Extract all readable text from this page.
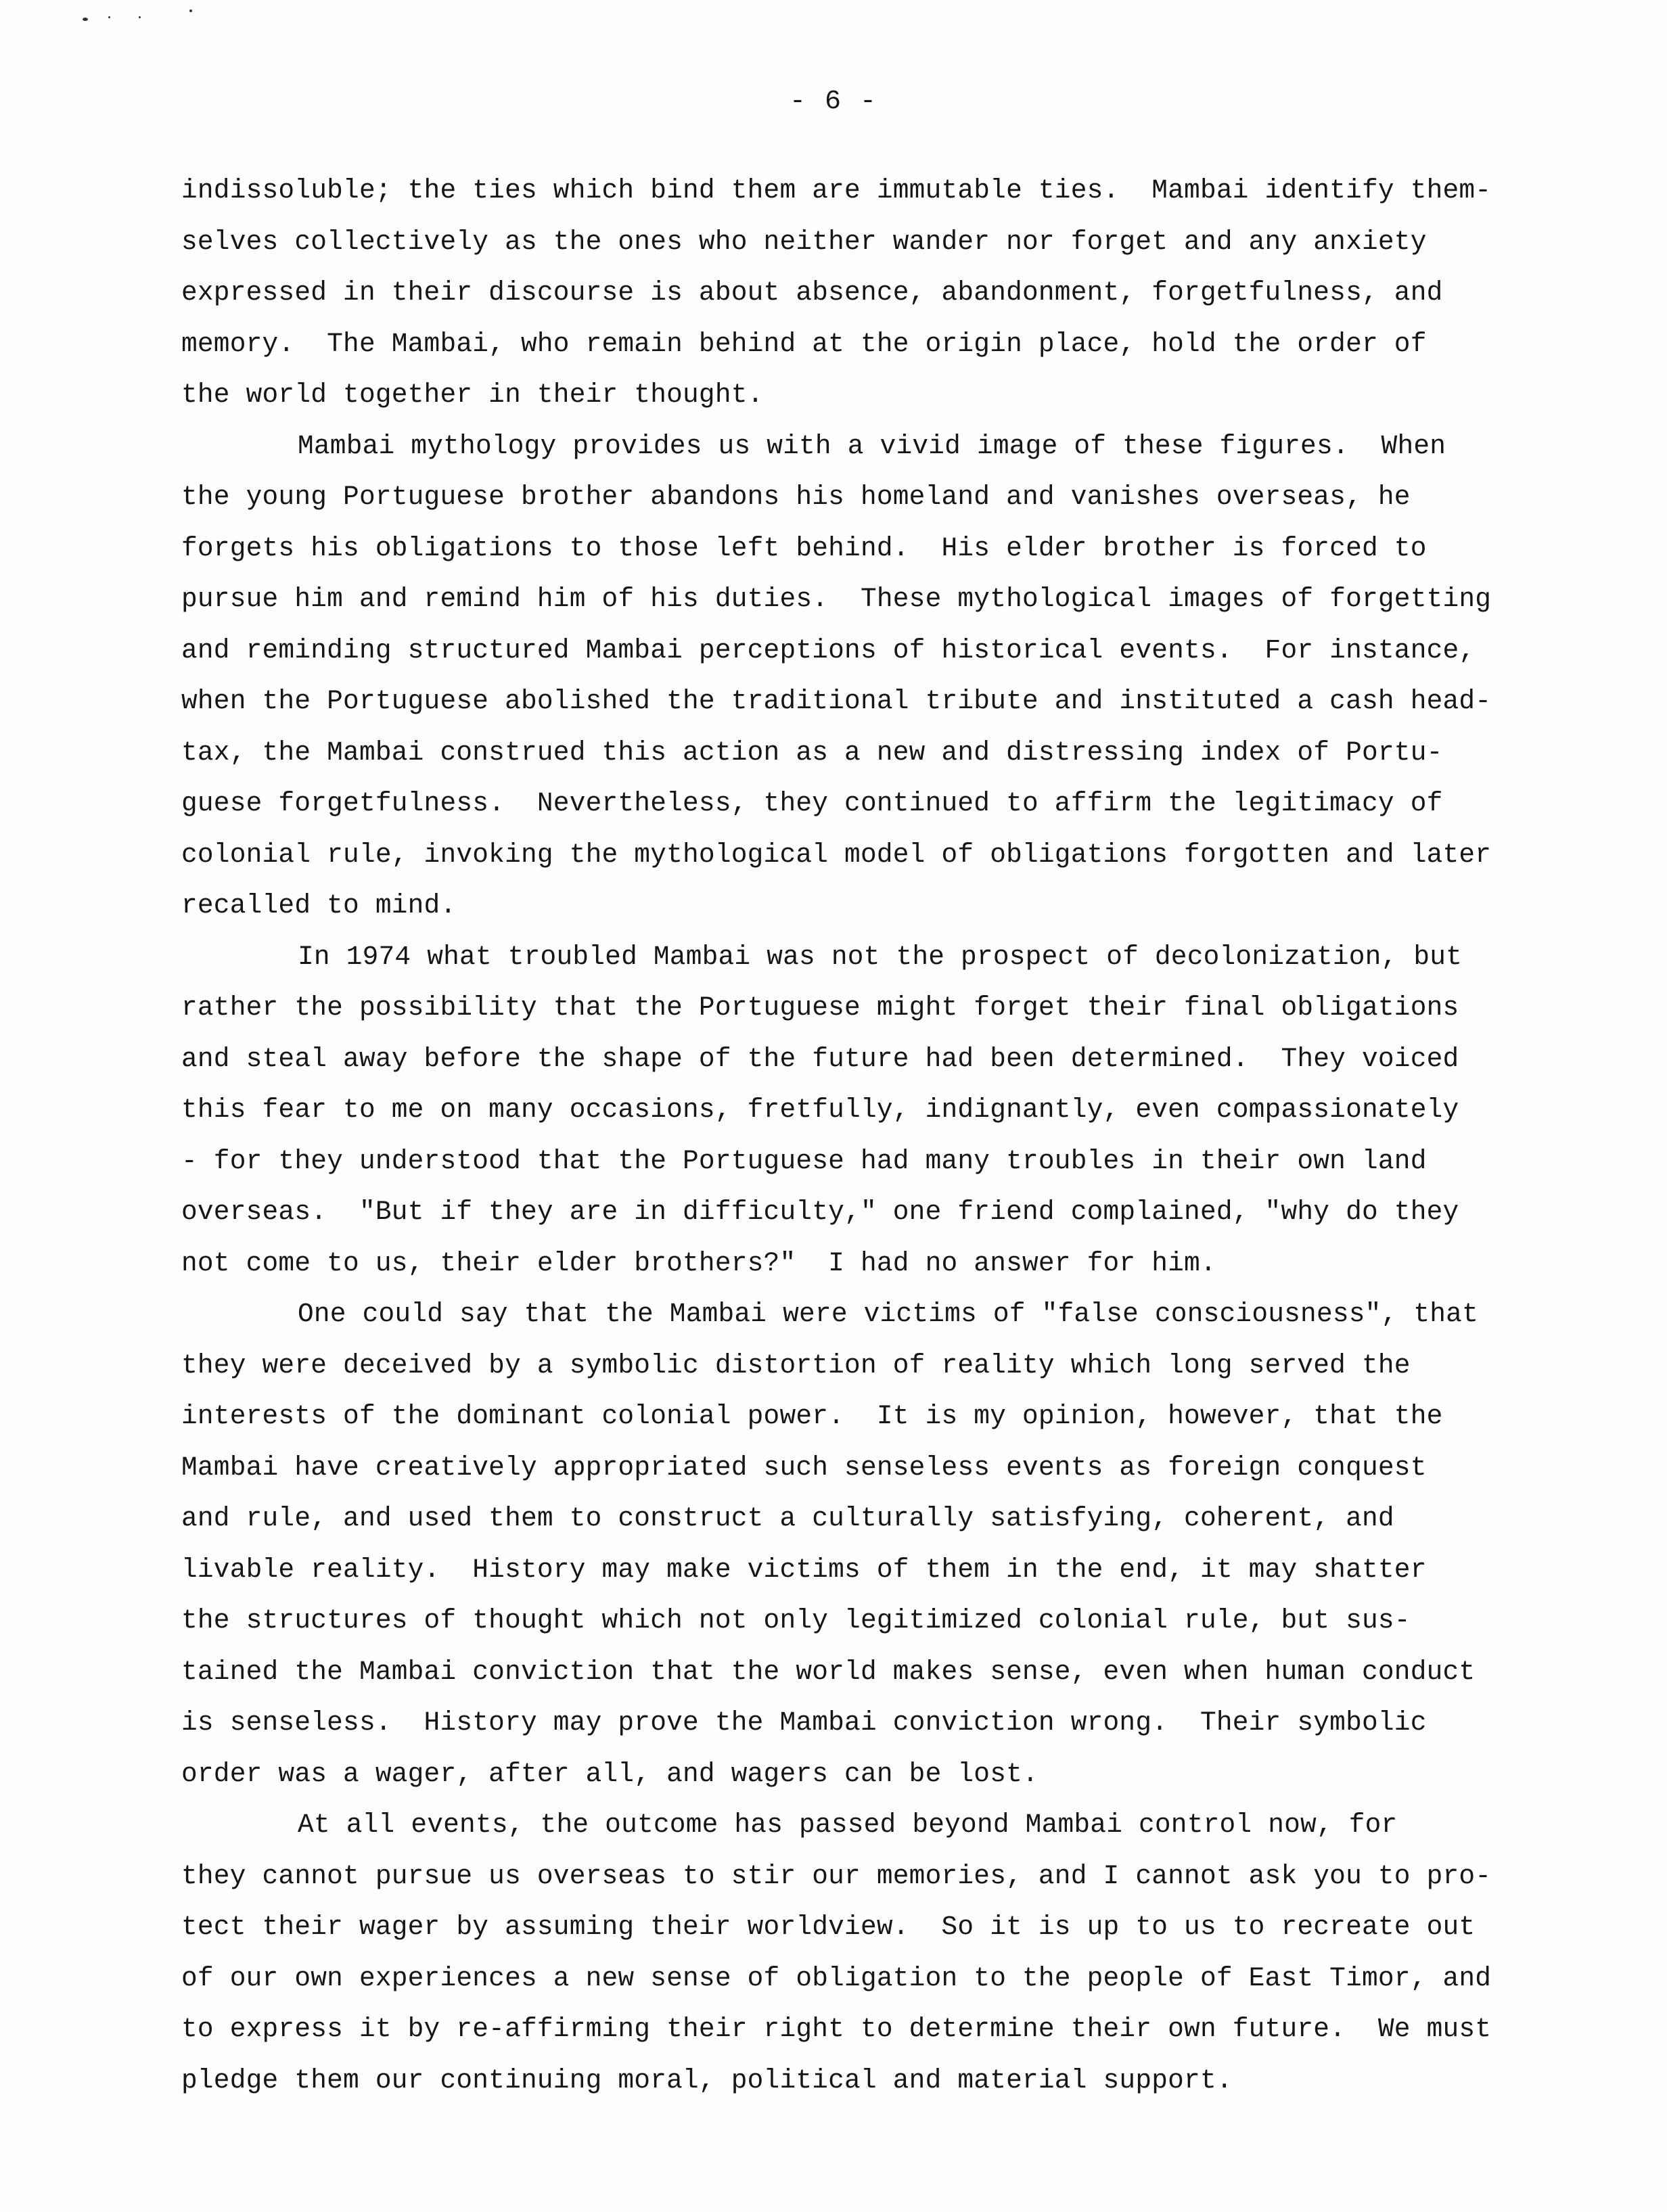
- 6 -
indissoluble; the ties which bind them are immutable ties.  Mambai identify them-
selves collectively as the ones who neither wander nor forget and any anxiety
expressed in their discourse is about absence, abandonment, forgetfulness, and
memory.  The Mambai, who remain behind at the origin place, hold the order of
the world together in their thought.
Mambai mythology provides us with a vivid image of these figures.  When
the young Portuguese brother abandons his homeland and vanishes overseas, he
forgets his obligations to those left behind.  His elder brother is forced to
pursue him and remind him of his duties.  These mythological images of forgetting
and reminding structured Mambai perceptions of historical events.  For instance,
when the Portuguese abolished the traditional tribute and instituted a cash head-
tax, the Mambai construed this action as a new and distressing index of Portu-
guese forgetfulness.  Nevertheless, they continued to affirm the legitimacy of
colonial rule, invoking the mythological model of obligations forgotten and later
recalled to mind.
In 1974 what troubled Mambai was not the prospect of decolonization, but
rather the possibility that the Portuguese might forget their final obligations
and steal away before the shape of the future had been determined.  They voiced
this fear to me on many occasions, fretfully, indignantly, even compassionately
- for they understood that the Portuguese had many troubles in their own land
overseas.  "But if they are in difficulty," one friend complained, "why do they
not come to us, their elder brothers?"  I had no answer for him.
One could say that the Mambai were victims of "false consciousness", that
they were deceived by a symbolic distortion of reality which long served the
interests of the dominant colonial power.  It is my opinion, however, that the
Mambai have creatively appropriated such senseless events as foreign conquest
and rule, and used them to construct a culturally satisfying, coherent, and
livable reality.  History may make victims of them in the end, it may shatter
the structures of thought which not only legitimized colonial rule, but sus-
tained the Mambai conviction that the world makes sense, even when human conduct
is senseless.  History may prove the Mambai conviction wrong.  Their symbolic
order was a wager, after all, and wagers can be lost.
At all events, the outcome has passed beyond Mambai control now, for
they cannot pursue us overseas to stir our memories, and I cannot ask you to pro-
tect their wager by assuming their worldview.  So it is up to us to recreate out
of our own experiences a new sense of obligation to the people of East Timor, and
to express it by re-affirming their right to determine their own future.  We must
pledge them our continuing moral, political and material support.
